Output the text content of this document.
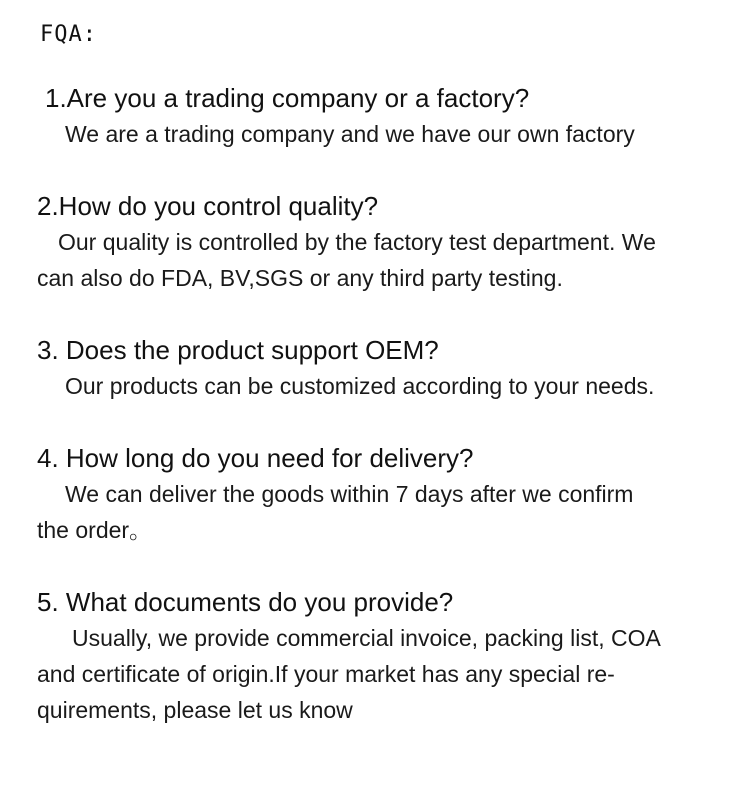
FQA:
1.Are you a trading company or a factory?
We are a trading company and we have our own factory
2.How do you control quality?
Our quality is controlled by the factory test department. We
can also do FDA, BV,SGS or any third party testing.
3. Does the product support OEM?
Our products can be customized according to your needs.
4. How long do you need for delivery?
We can deliver the goods within 7 days after we confirm
the order。
5. What documents do you provide?
Usually, we provide commercial invoice, packing list, COA
and certificate of origin.If your market has any special re-
quirements, please let us know
